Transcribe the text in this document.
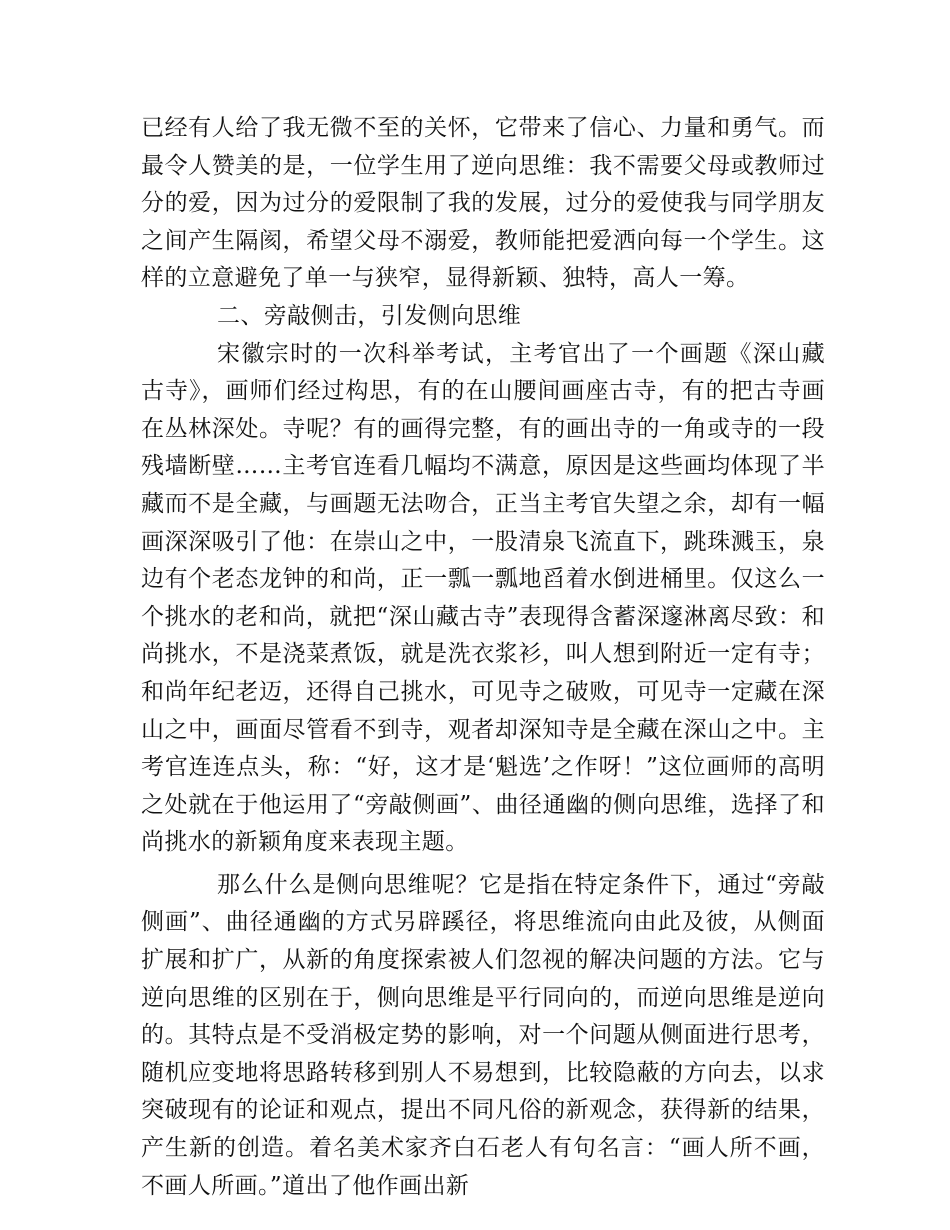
已经有人给了我无微不至的关怀，它带来了信心、力量和勇气。而最令人赞美的是，一位学生用了逆向思维：我不需要父母或教师过分的爱，因为过分的爱限制了我的发展，过分的爱使我与同学朋友之间产生隔阂，希望父母不溺爱，教师能把爱洒向每一个学生。这样的立意避免了单一与狭窄，显得新颖、独特，高人一筹。

二、旁敲侧击，引发侧向思维

宋徽宗时的一次科举考试，主考官出了一个画题《深山藏古寺》，画师们经过构思，有的在山腰间画座古寺，有的把古寺画在丛林深处。寺呢？有的画得完整，有的画出寺的一角或寺的一段残墙断壁……主考官连看几幅均不满意，原因是这些画均体现了半藏而不是全藏，与画题无法吻合，正当主考官失望之余，却有一幅画深深吸引了他：在崇山之中，一股清泉飞流直下，跳珠溅玉，泉边有个老态龙钟的和尚，正一瓢一瓢地舀着水倒进桶里。仅这么一个挑水的老和尚，就把“深山藏古寺”表现得含蓄深邃淋离尽致：和尚挑水，不是浇菜煮饭，就是洗衣浆衫，叫人想到附近一定有寺；和尚年纪老迈，还得自己挑水，可见寺之破败，可见寺一定藏在深山之中，画面尽管看不到寺，观者却深知寺是全藏在深山之中。主考官连连点头，称：“好，这才是‘魁选’之作呀！”这位画师的高明之处就在于他运用了“旁敲侧画”、曲径通幽的侧向思维，选择了和尚挑水的新颖角度来表现主题。

那么什么是侧向思维呢？它是指在特定条件下，通过“旁敲侧画”、曲径通幽的方式另辟蹊径，将思维流向由此及彼，从侧面扩展和扩广，从新的角度探索被人们忽视的解决问题的方法。它与逆向思维的区别在于，侧向思维是平行同向的，而逆向思维是逆向的。其特点是不受消极定势的影响，对一个问题从侧面进行思考，随机应变地将思路转移到别人不易想到，比较隐蔽的方向去，以求突破现有的论证和观点，提出不同凡俗的新观念，获得新的结果，产生新的创造。着名美术家齐白石老人有句名言：“画人所不画，不画人所画。”道出了他作画出新
